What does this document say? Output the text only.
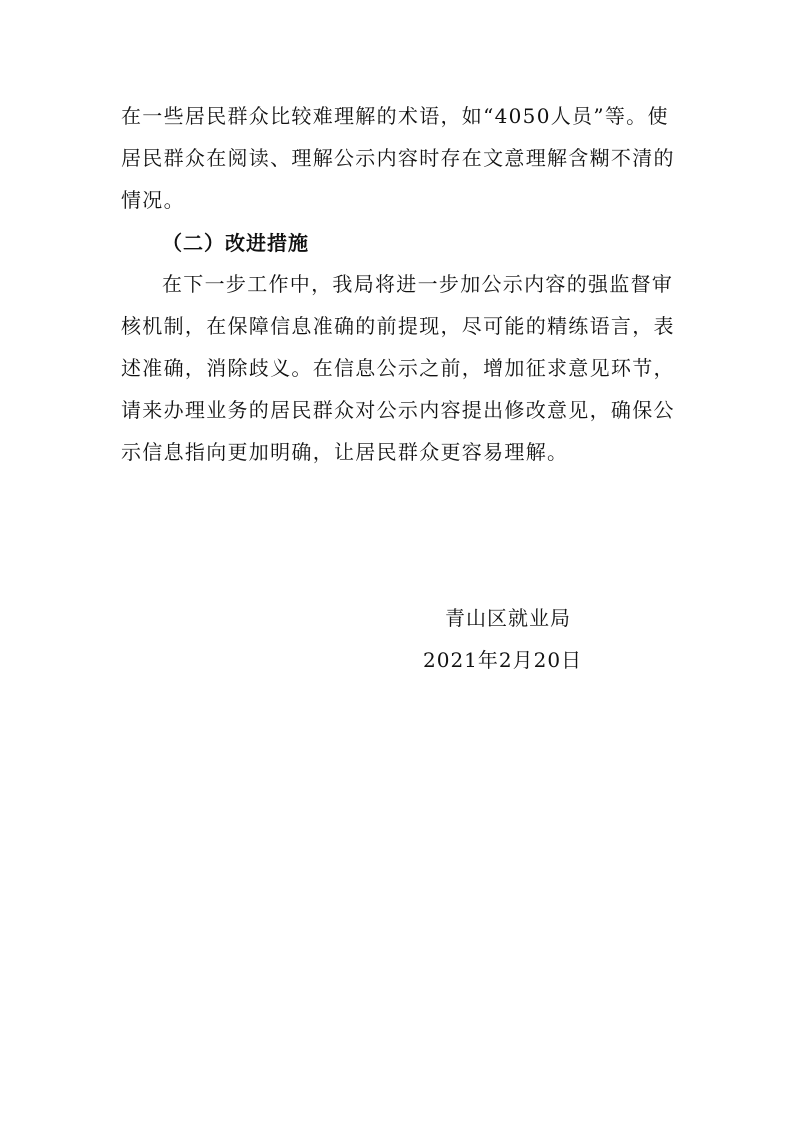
在一些居民群众比较难理解的术语，如“4050人员”等。使
居民群众在阅读、理解公示内容时存在文意理解含糊不清的
情况。
（二）改进措施
在下一步工作中，我局将进一步加公示内容的强监督审
核机制，在保障信息准确的前提现，尽可能的精练语言，表
述准确，消除歧义。在信息公示之前，增加征求意见环节，
请来办理业务的居民群众对公示内容提出修改意见，确保公
示信息指向更加明确，让居民群众更容易理解。
青山区就业局
2021年2月20日
